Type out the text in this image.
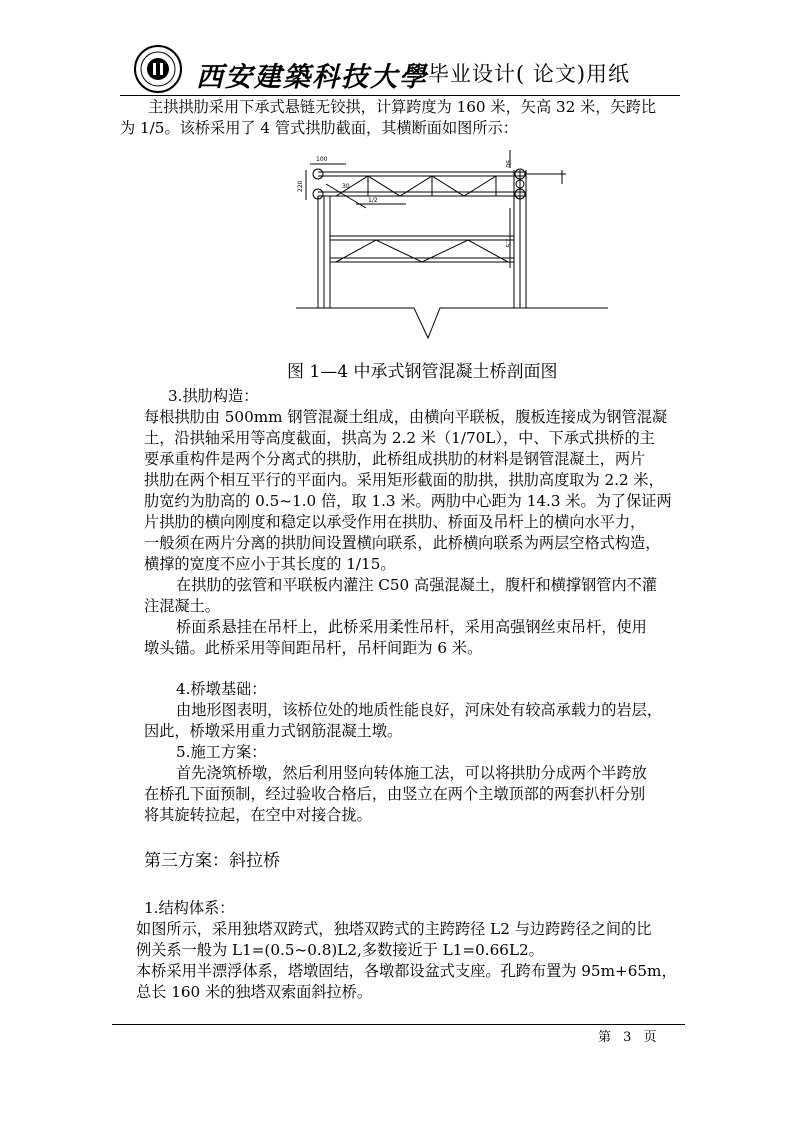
西安建築科技大學 毕业设计( 论文)用纸
主拱拱肋采用下承式悬链无铰拱，计算跨度为 160 米，矢高 32 米，矢跨比
为 1/5。该桥采用了 4 管式拱肋截面，其横断面如图所示：
100
220	30
1/2
50
1.5
图 1—4 中承式钢管混凝土桥剖面图
3.拱肋构造：
每根拱肋由 500mm 钢管混凝土组成，由横向平联板，腹板连接成为钢管混凝
土，沿拱轴采用等高度截面，拱高为 2.2 米（1/70L），中、下承式拱桥的主
要承重构件是两个分离式的拱肋，此桥组成拱肋的材料是钢管混凝土，两片
拱肋在两个相互平行的平面内。采用矩形截面的肋拱，拱肋高度取为 2.2 米，
肋宽约为肋高的 0.5~1.0 倍，取 1.3 米。两肋中心距为 14.3 米。为了保证两
片拱肋的横向刚度和稳定以承受作用在拱肋、桥面及吊杆上的横向水平力，
一般须在两片分离的拱肋间设置横向联系，此桥横向联系为两层空格式构造，
横撑的宽度不应小于其长度的 1/15。
在拱肋的弦管和平联板内灌注 C50 高强混凝土，腹杆和横撑钢管内不灌
注混凝土。
桥面系悬挂在吊杆上，此桥采用柔性吊杆，采用高强钢丝束吊杆，使用
墩头锚。此桥采用等间距吊杆，吊杆间距为 6 米。
4.桥墩基础：
由地形图表明，该桥位处的地质性能良好，河床处有较高承载力的岩层，
因此，桥墩采用重力式钢筋混凝土墩。
5.施工方案：
首先浇筑桥墩，然后利用竖向转体施工法，可以将拱肋分成两个半跨放
在桥孔下面预制，经过验收合格后，由竖立在两个主墩顶部的两套扒杆分别
将其旋转拉起，在空中对接合拢。
第三方案：斜拉桥
1.结构体系：
如图所示，采用独塔双跨式，独塔双跨式的主跨跨径 L2 与边跨跨径之间的比
例关系一般为 L1=(0.5~0.8)L2,多数接近于 L1=0.66L2。
本桥采用半漂浮体系，塔墩固结，各墩都设盆式支座。孔跨布置为 95m+65m，
总长 160 米的独塔双索面斜拉桥。
第 3 页
